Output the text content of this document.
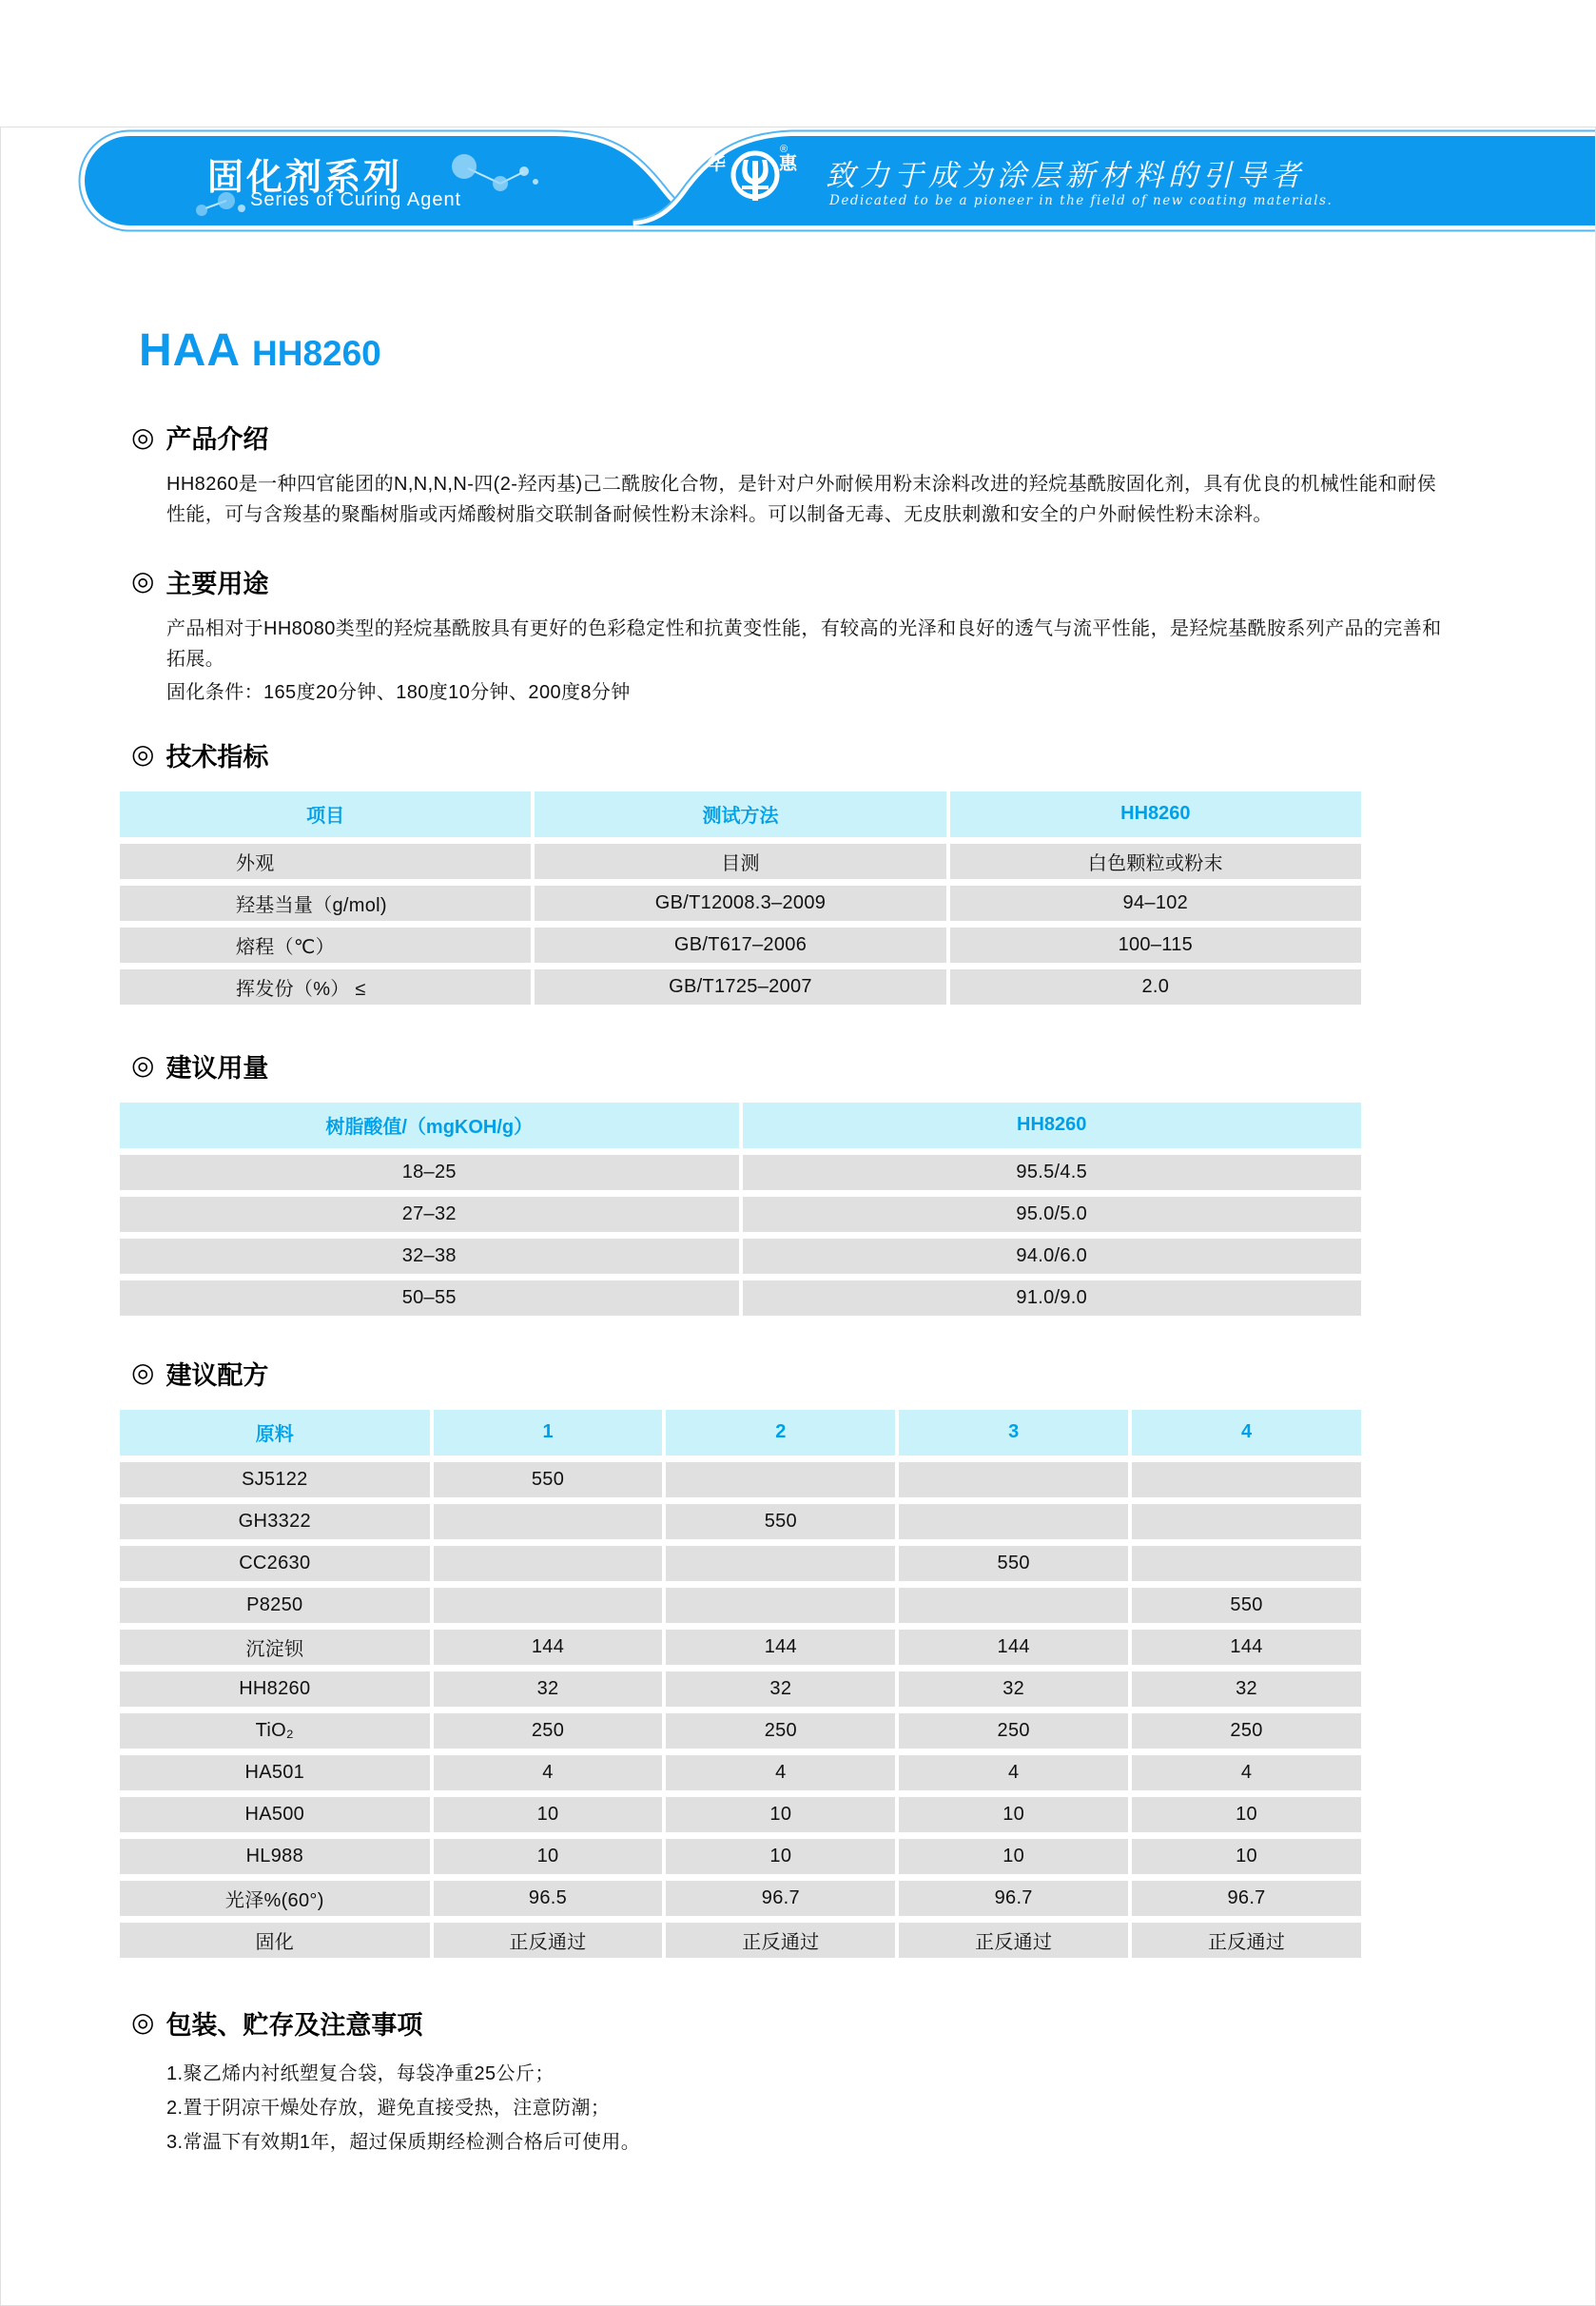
固化剂系列
Series of Curing Agent
华	惠
®
致力于成为涂层新材料的引导者
Dedicated to be a pioneer in the field of new coating materials.
HAA HH8260
◎ 产品介绍
HH8260是一种四官能团的N,N,N,N-四(2-羟丙基)己二酰胺化合物，是针对户外耐候用粉末涂料改进的羟烷基酰胺固化剂，具有优良的机械性能和耐侯性能，可与含羧基的聚酯树脂或丙烯酸树脂交联制备耐候性粉末涂料。可以制备无毒、无皮肤刺激和安全的户外耐候性粉末涂料。
◎ 主要用途
产品相对于HH8080类型的羟烷基酰胺具有更好的色彩稳定性和抗黄变性能，有较高的光泽和良好的透气与流平性能，是羟烷基酰胺系列产品的完善和拓展。
固化条件：165度20分钟、180度10分钟、200度8分钟
◎ 技术指标
项目	测试方法	HH8260
外观	目测	白色颗粒或粉末
羟基当量（g/mol)	GB/T12008.3–2009	94–102
熔程（℃）	GB/T617–2006	100–115
挥发份（%） ≤	GB/T1725–2007	2.0
◎ 建议用量
树脂酸值/（mgKOH/g）	HH8260
18–25	95.5/4.5
27–32	95.0/5.0
32–38	94.0/6.0
50–55	91.0/9.0
◎ 建议配方
原料	1	2	3	4
SJ5122	550			
GH3322		550		
CC2630			550	
P8250				550
沉淀钡	144	144	144	144
HH8260	32	32	32	32
TiO₂	250	250	250	250
HA501	4	4	4	4
HA500	10	10	10	10
HL988	10	10	10	10
光泽%(60°)	96.5	96.7	96.7	96.7
固化	正反通过	正反通过	正反通过	正反通过
◎ 包装、贮存及注意事项
1.聚乙烯内衬纸塑复合袋，每袋净重25公斤；
2.置于阴凉干燥处存放，避免直接受热，注意防潮；
3.常温下有效期1年，超过保质期经检测合格后可使用。
